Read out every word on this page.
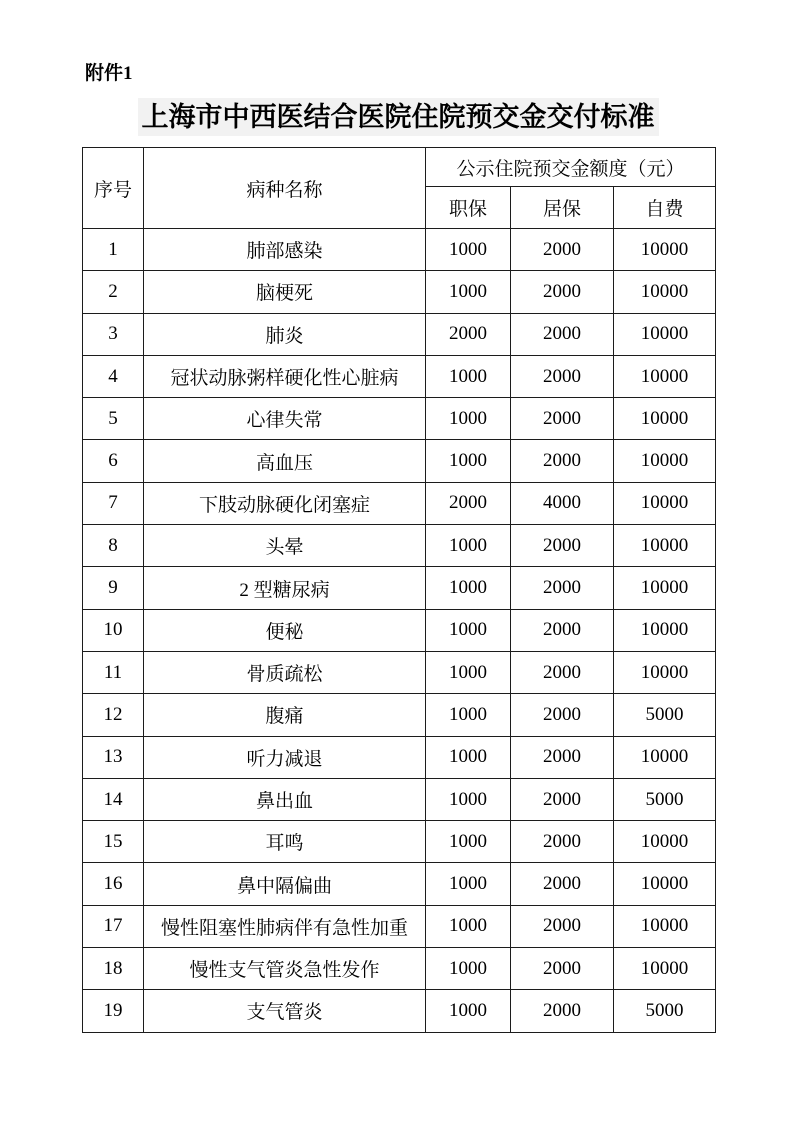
附件1
上海市中西医结合医院住院预交金交付标准
序号	病种名称	公示住院预交金额度（元）		
		职保	居保	自费
1	肺部感染	1000	2000	10000
2	脑梗死	1000	2000	10000
3	肺炎	2000	2000	10000
4	冠状动脉粥样硬化性心脏病	1000	2000	10000
5	心律失常	1000	2000	10000
6	高血压	1000	2000	10000
7	下肢动脉硬化闭塞症	2000	4000	10000
8	头晕	1000	2000	10000
9	2 型糖尿病	1000	2000	10000
10	便秘	1000	2000	10000
11	骨质疏松	1000	2000	10000
12	腹痛	1000	2000	5000
13	听力减退	1000	2000	10000
14	鼻出血	1000	2000	5000
15	耳鸣	1000	2000	10000
16	鼻中隔偏曲	1000	2000	10000
17	慢性阻塞性肺病伴有急性加重	1000	2000	10000
18	慢性支气管炎急性发作	1000	2000	10000
19	支气管炎	1000	2000	5000
